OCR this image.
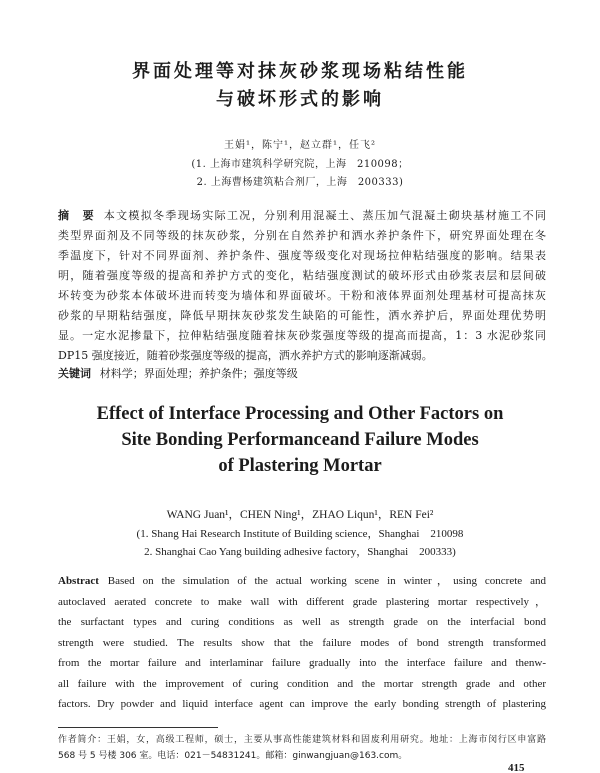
界面处理等对抹灰砂浆现场粘结性能
与破坏形式的影响
王娟¹，陈宁¹，赵立群¹，任飞²
(1. 上海市建筑科学研究院，上海　210098；
2. 上海曹杨建筑粘合剂厂，上海　200333)
摘　要 本文模拟冬季现场实际工况，分别利用混凝土、蒸压加气混凝土砌块基材施工不同
类型界面剂及不同等级的抹灰砂浆，分别在自然养护和洒水养护条件下，研究界面处理在冬
季温度下，针对不同界面剂、养护条件、强度等级变化对现场拉伸粘结强度的影响。结果表
明，随着强度等级的提高和养护方式的变化，粘结强度测试的破坏形式由砂浆表层和层间破
坏转变为砂浆本体破坏进而转变为墙体和界面破坏。干粉和液体界面剂处理基材可提高抹灰
砂浆的早期粘结强度，降低早期抹灰砂浆发生缺陷的可能性，洒水养护后，界面处理优势明
显。一定水泥掺量下，拉伸粘结强度随着抹灰砂浆强度等级的提高而提高，1：3 水泥砂浆同
DP15 强度接近，随着砂浆强度等级的提高，洒水养护方式的影响逐渐减弱。
关键词 材料学；界面处理；养护条件；强度等级
Effect of Interface Processing and Other Factors on
Site Bonding Performanceand Failure Modes
of Plastering Mortar
WANG Juan¹，CHEN Ning¹，ZHAO Liqun¹，REN Fei²
(1. Shang Hai Research Institute of Building science，Shanghai　210098
2. Shanghai Cao Yang building adhesive factory，Shanghai　200333)
Abstract Based on the simulation of the actual working scene in winter，using concrete and
autoclaved aerated concrete to make wall with different grade plastering mortar respectively，
the surfactant types and curing conditions as well as strength grade on the interfacial bond
strength were studied. The results show that the failure modes of bond strength transformed
from the mortar failure and interlaminar failure gradually into the interface failure and thenw-
all failure with the improvement of curing condition and the mortar strength grade and other
factors. Dry powder and liquid interface agent can improve the early bonding strength of plastering
作者简介：王娟，女，高级工程师，硕士，主要从事高性能建筑材料和固废利用研究。地址：上海市闵行区申富路
568 号 5 号楼 306 室。电话：021－54831241。邮箱：ginwangjuan@163.com。
415
